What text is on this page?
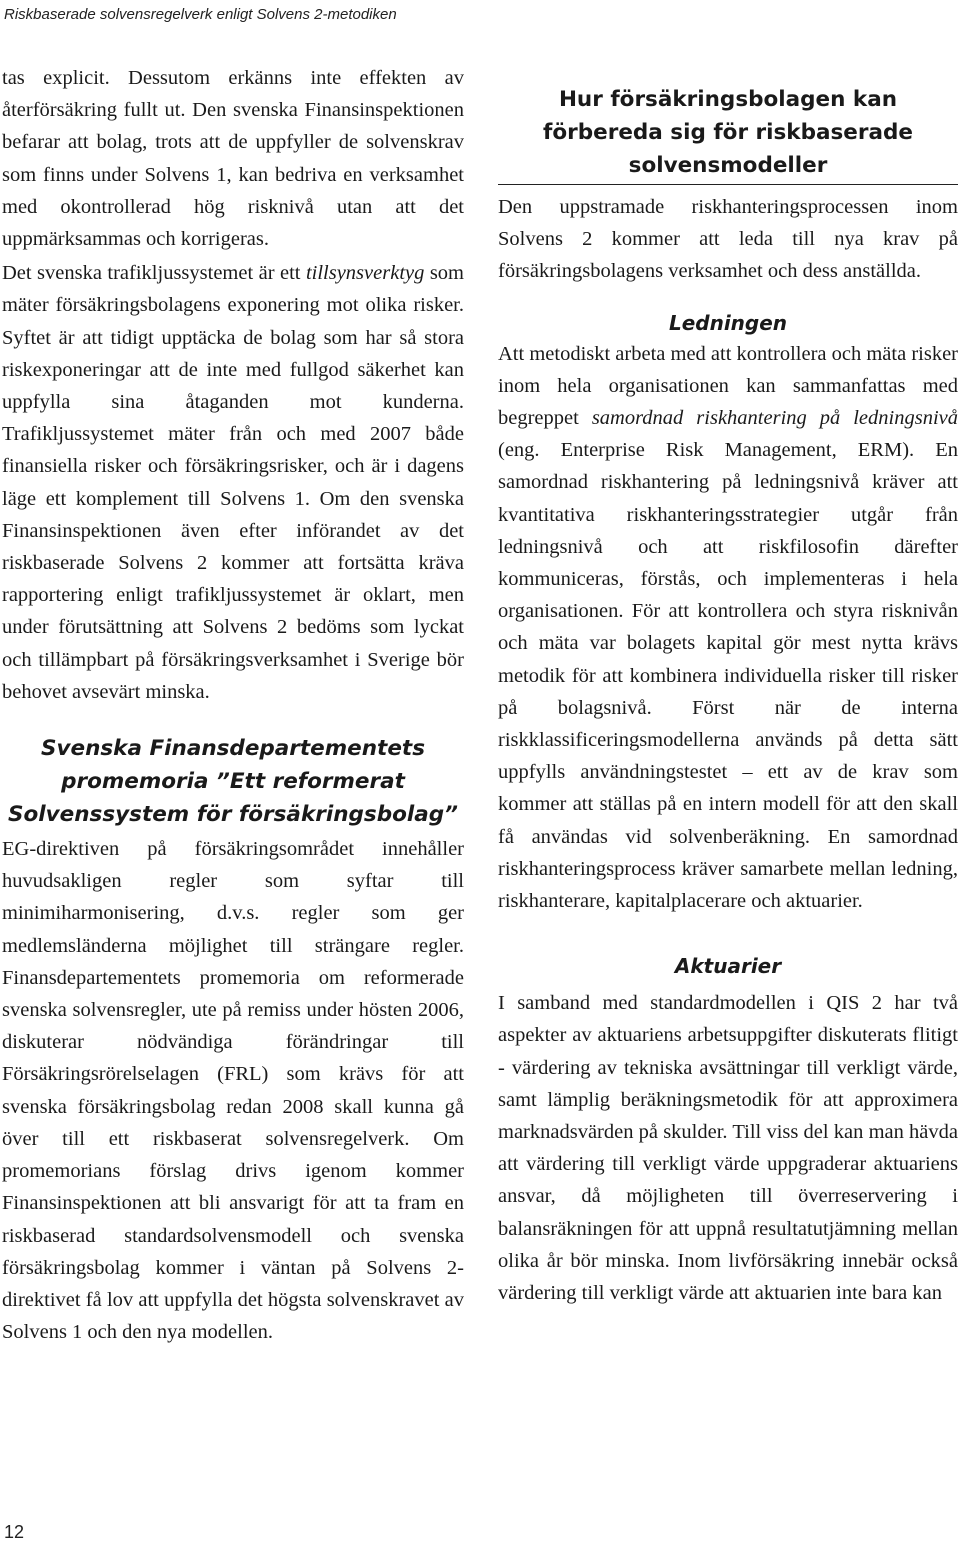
Riskbaserade solvensregelverk enligt Solvens 2-metodiken

tas explicit. Dessutom erkänns inte effekten av återförsäkring fullt ut. Den svenska Finansinspektionen befarar att bolag, trots att de uppfyller de solvenskrav som finns under Solvens 1, kan bedriva en verksamhet med okontrollerad hög risknivå utan att det uppmärksammas och korrigeras.

Det svenska trafikljussystemet är ett tillsynsverktyg som mäter försäkringsbolagens exponering mot olika risker. Syftet är att tidigt upptäcka de bolag som har så stora riskexponeringar att de inte med fullgod säkerhet kan uppfylla sina åtaganden mot kunderna. Trafikljussystemet mäter från och med 2007 både finansiella risker och försäkringsrisker, och är i dagens läge ett komplement till Solvens 1. Om den svenska Finansinspektionen även efter införandet av det riskbaserade Solvens 2 kommer att fortsätta kräva rapportering enligt trafikljussystemet är oklart, men under förutsättning att Solvens 2 bedöms som lyckat och tillämpbart på försäkringsverksamhet i Sverige bör behovet avsevärt minska.

Svenska Finansdepartementets promemoria ”Ett reformerat Solvenssystem för försäkringsbolag”

EG-direktiven på försäkringsområdet innehåller huvudsakligen regler som syftar till minimiharmonisering, d.v.s. regler som ger medlemsländerna möjlighet till strängare regler. Finansdepartementets promemoria om reformerade svenska solvensregler, ute på remiss under hösten 2006, diskuterar nödvändiga förändringar till Försäkringsrörelselagen (FRL) som krävs för att svenska försäkringsbolag redan 2008 skall kunna gå över till ett riskbaserat solvensregelverk. Om promemorians förslag drivs igenom kommer Finansinspektionen att bli ansvarigt för att ta fram en riskbaserad standardsolvensmodell och svenska försäkringsbolag kommer i väntan på Solvens 2-direktivet få lov att uppfylla det högsta solvenskravet av Solvens 1 och den nya modellen.

Hur försäkringsbolagen kan förbereda sig för riskbaserade solvensmodeller

Den uppstramade riskhanteringsprocessen inom Solvens 2 kommer att leda till nya krav på försäkringsbolagens verksamhet och dess anställda.

Ledningen

Att metodiskt arbeta med att kontrollera och mäta risker inom hela organisationen kan sammanfattas med begreppet samordnad riskhantering på ledningsnivå (eng. Enterprise Risk Management, ERM). En samordnad riskhantering på ledningsnivå kräver att kvantitativa riskhanteringsstrategier utgår från ledningsnivå och att riskfilosofin därefter kommuniceras, förstås, och implementeras i hela organisationen. För att kontrollera och styra risknivån och mäta var bolagets kapital gör mest nytta krävs metodik för att kombinera individuella risker till risker på bolagsnivå. Först när de interna riskklassificeringsmodellerna används på detta sätt uppfylls användningstestet – ett av de krav som kommer att ställas på en intern modell för att den skall få användas vid solvenberäkning. En samordnad riskhanteringsprocess kräver samarbete mellan ledning, riskhanterare, kapitalplacerare och aktuarier.

Aktuarier

I samband med standardmodellen i QIS 2 har två aspekter av aktuariens arbetsuppgifter diskuterats flitigt - värdering av tekniska avsättningar till verkligt värde, samt lämplig beräkningsmetodik för att approximera marknadsvärden på skulder. Till viss del kan man hävda att värdering till verkligt värde uppgraderar aktuariens ansvar, då möjligheten till överreservering i balansräkningen för att uppnå resultatutjämning mellan olika år bör minska. Inom livförsäkring innebär också värdering till verkligt värde att aktuarien inte bara kan

12
